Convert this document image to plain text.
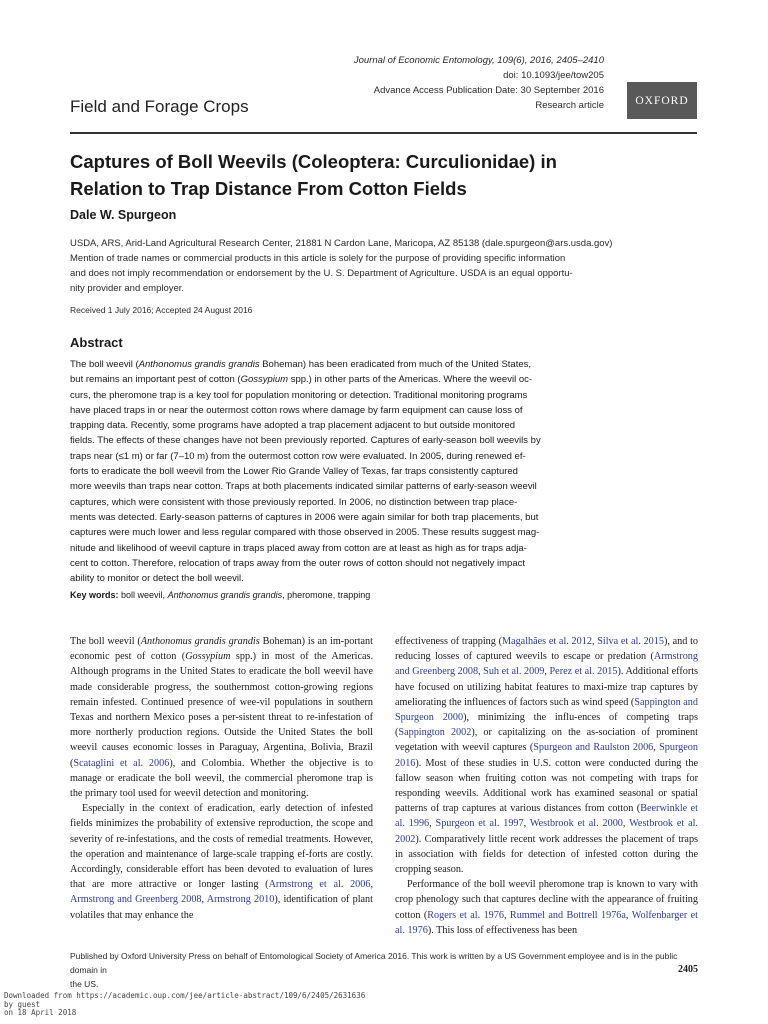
Journal of Economic Entomology, 109(6), 2016, 2405–2410
doi: 10.1093/jee/tow205
Advance Access Publication Date: 30 September 2016
Research article	OXFORD
Field and Forage Crops
Captures of Boll Weevils (Coleoptera: Curculionidae) in
Relation to Trap Distance From Cotton Fields
Dale W. Spurgeon
USDA, ARS, Arid-Land Agricultural Research Center, 21881 N Cardon Lane, Maricopa, AZ 85138 (dale.spurgeon@ars.usda.gov)
Mention of trade names or commercial products in this article is solely for the purpose of providing specific information
and does not imply recommendation or endorsement by the U. S. Department of Agriculture. USDA is an equal opportu-
nity provider and employer.
Received 1 July 2016; Accepted 24 August 2016
Abstract
The boll weevil (Anthonomus grandis grandis Boheman) has been eradicated from much of the United States,
but remains an important pest of cotton (Gossypium spp.) in other parts of the Americas. Where the weevil oc-
curs, the pheromone trap is a key tool for population monitoring or detection. Traditional monitoring programs
have placed traps in or near the outermost cotton rows where damage by farm equipment can cause loss of
trapping data. Recently, some programs have adopted a trap placement adjacent to but outside monitored
fields. The effects of these changes have not been previously reported. Captures of early-season boll weevils by
traps near (≤1 m) or far (7–10 m) from the outermost cotton row were evaluated. In 2005, during renewed ef-
forts to eradicate the boll weevil from the Lower Rio Grande Valley of Texas, far traps consistently captured
more weevils than traps near cotton. Traps at both placements indicated similar patterns of early-season weevil
captures, which were consistent with those previously reported. In 2006, no distinction between trap place-
ments was detected. Early-season patterns of captures in 2006 were again similar for both trap placements, but
captures were much lower and less regular compared with those observed in 2005. These results suggest mag-
nitude and likelihood of weevil capture in traps placed away from cotton are at least as high as for traps adja-
cent to cotton. Therefore, relocation of traps away from the outer rows of cotton should not negatively impact
ability to monitor or detect the boll weevil.
Key words: boll weevil, Anthonomus grandis grandis, pheromone, trapping

The boll weevil (Anthonomus grandis grandis Boheman) is an im-portant economic pest of cotton (Gossypium spp.) in most of the Americas. Although programs in the United States to eradicate the boll weevil have made considerable progress, the southernmost cotton-growing regions remain infested. Continued presence of wee-vil populations in southern Texas and northern Mexico poses a per-sistent threat to re-infestation of more northerly production regions. Outside the United States the boll weevil causes economic losses in Paraguay, Argentina, Bolivia, Brazil (Scataglini et al. 2006), and Colombia. Whether the objective is to manage or eradicate the boll weevil, the commercial pheromone trap is the primary tool used for weevil detection and monitoring.

Especially in the context of eradication, early detection of infested fields minimizes the probability of extensive reproduction, the scope and severity of re-infestations, and the costs of remedial treatments. However, the operation and maintenance of large-scale trapping ef-forts are costly. Accordingly, considerable effort has been devoted to evaluation of lures that are more attractive or longer lasting (Armstrong et al. 2006, Armstrong and Greenberg 2008, Armstrong 2010), identification of plant volatiles that may enhance the

effectiveness of trapping (Magalhães et al. 2012, Silva et al. 2015), and to reducing losses of captured weevils to escape or predation (Armstrong and Greenberg 2008, Suh et al. 2009, Perez et al. 2015). Additional efforts have focused on utilizing habitat features to maxi-mize trap captures by ameliorating the influences of factors such as wind speed (Sappington and Spurgeon 2000), minimizing the influ-ences of competing traps (Sappington 2002), or capitalizing on the as-sociation of prominent vegetation with weevil captures (Spurgeon and Raulston 2006, Spurgeon 2016). Most of these studies in U.S. cotton were conducted during the fallow season when fruiting cotton was not competing with traps for responding weevils. Additional work has examined seasonal or spatial patterns of trap captures at various distances from cotton (Beerwinkle et al. 1996, Spurgeon et al. 1997, Westbrook et al. 2000, Westbrook et al. 2002). Comparatively little recent work addresses the placement of traps in association with fields for detection of infested cotton during the cropping season.

Performance of the boll weevil pheromone trap is known to vary with crop phenology such that captures decline with the appearance of fruiting cotton (Rogers et al. 1976, Rummel and Bottrell 1976a, Wolfenbarger et al. 1976). This loss of effectiveness has been

Published by Oxford University Press on behalf of Entomological Society of America 2016. This work is written by a US Government employee and is in the public domain in
the US.
2405
Downloaded from https://academic.oup.com/jee/article-abstract/109/6/2405/2631636
by guest
on 18 April 2018
